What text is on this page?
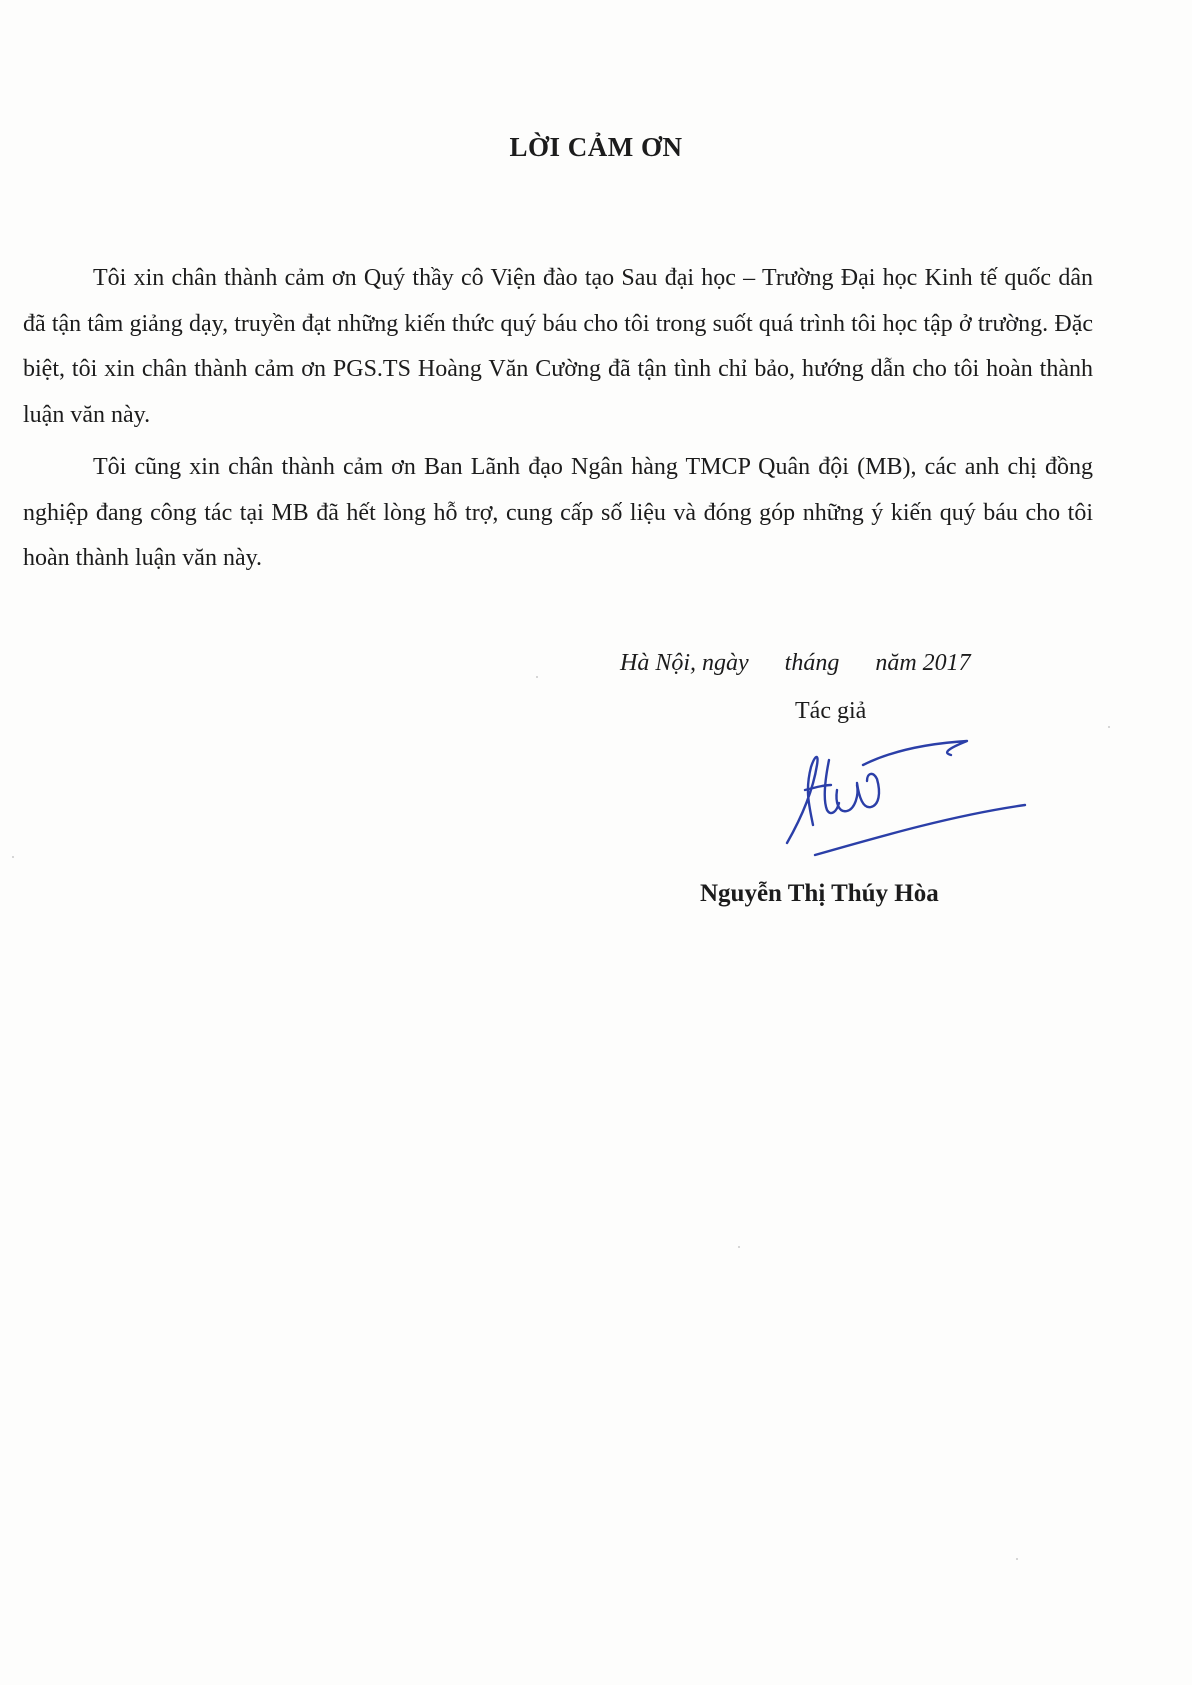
LỜI CẢM ƠN

Tôi xin chân thành cảm ơn Quý thầy cô Viện đào tạo Sau đại học – Trường Đại học Kinh tế quốc dân đã tận tâm giảng dạy, truyền đạt những kiến thức quý báu cho tôi trong suốt quá trình tôi học tập ở trường. Đặc biệt, tôi xin chân thành cảm ơn PGS.TS Hoàng Văn Cường đã tận tình chỉ bảo, hướng dẫn cho tôi hoàn thành luận văn này.

Tôi cũng xin chân thành cảm ơn Ban Lãnh đạo Ngân hàng TMCP Quân đội (MB), các anh chị đồng nghiệp đang công tác tại MB đã hết lòng hỗ trợ, cung cấp số liệu và đóng góp những ý kiến quý báu cho tôi hoàn thành luận văn này.

Hà Nội, ngày      tháng      năm 2017
Tác giả
Nguyễn Thị Thúy Hòa
